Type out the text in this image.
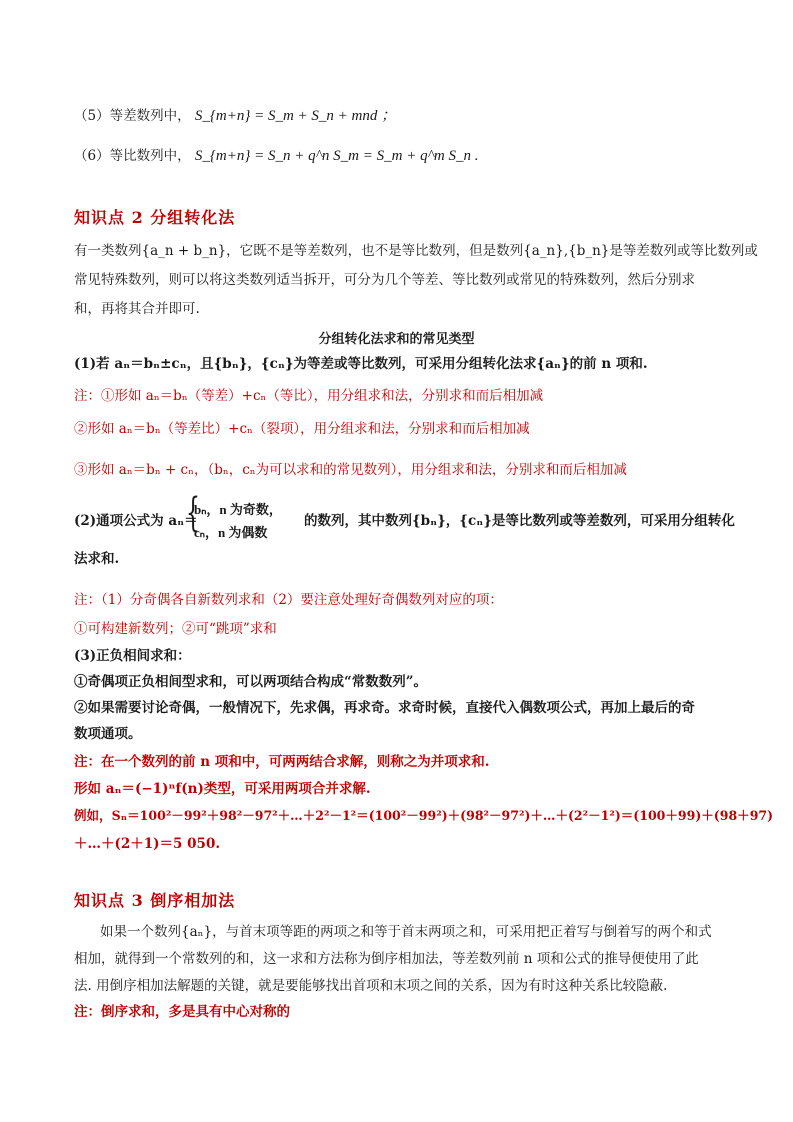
（5）等差数列中， S_{m+n} = S_m + S_n + mnd ；
（6）等比数列中， S_{m+n} = S_n + q^n S_m = S_m + q^m S_n .
知识点 2 分组转化法
有一类数列{a_n + b_n}，它既不是等差数列，也不是等比数列，但是数列{a_n},{b_n}是等差数列或等比数列或
常见特殊数列，则可以将这类数列适当拆开，可分为几个等差、等比数列或常见的特殊数列，然后分别求
和，再将其合并即可.
分组转化法求和的常见类型
(1)若 aₙ＝bₙ±cₙ，且{bₙ}，{cₙ}为等差或等比数列，可采用分组转化法求{aₙ}的前 n 项和.
注：①形如 aₙ＝bₙ（等差）+cₙ（等比），用分组求和法，分别求和而后相加减
②形如 aₙ＝bₙ（等差比）+cₙ（裂项），用分组求和法，分别求和而后相加减
③形如 aₙ＝bₙ + cₙ，（bₙ，cₙ为可以求和的常见数列），用分组求和法，分别求和而后相加减
(2)通项公式为 aₙ＝
{
bₙ，n 为奇数，
cₙ，n 为偶数
的数列，其中数列{bₙ}，{cₙ}是等比数列或等差数列，可采用分组转化
法求和.
注：（1）分奇偶各自新数列求和（2）要注意处理好奇偶数列对应的项：
①可构建新数列；②可“跳项”求和
(3)正负相间求和：
①奇偶项正负相间型求和，可以两项结合构成“常数数列”。
②如果需要讨论奇偶，一般情况下，先求偶，再求奇。求奇时候，直接代入偶数项公式，再加上最后的奇
数项通项。
注：在一个数列的前 n 项和中，可两两结合求解，则称之为并项求和.
形如 aₙ＝(−1)ⁿf(n)类型，可采用两项合并求解.
例如，Sₙ＝100²－99²＋98²－97²＋…＋2²－1²＝(100²－99²)＋(98²－97²)＋…＋(2²－1²)＝(100＋99)＋(98＋97)
＋…＋(2＋1)＝5 050.
知识点 3 倒序相加法
如果一个数列{aₙ}，与首末项等距的两项之和等于首末两项之和，可采用把正着写与倒着写的两个和式
相加，就得到一个常数列的和，这一求和方法称为倒序相加法，等差数列前 n 项和公式的推导便使用了此
法. 用倒序相加法解题的关键，就是要能够找出首项和末项之间的关系，因为有时这种关系比较隐蔽.
注：倒序求和，多是具有中心对称的
